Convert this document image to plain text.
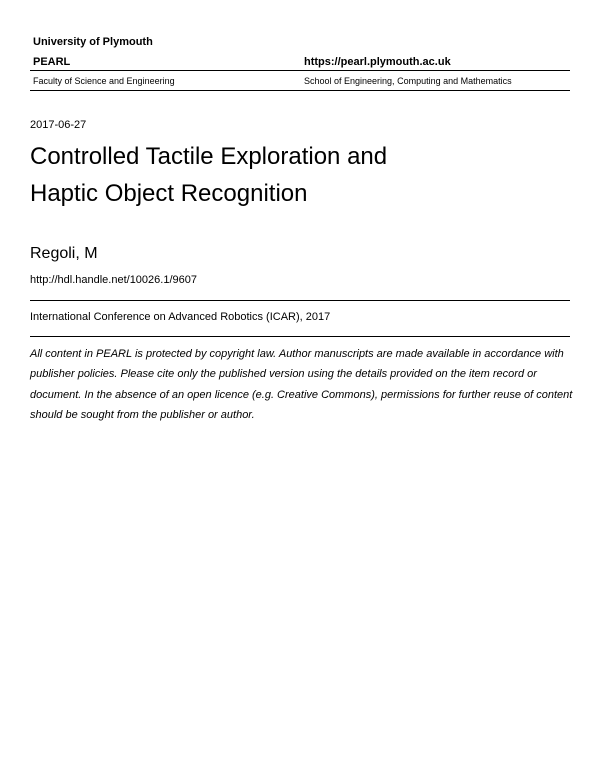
University of Plymouth
PEARL	https://pearl.plymouth.ac.uk
Faculty of Science and Engineering	School of Engineering, Computing and Mathematics
2017-06-27
Controlled Tactile Exploration and
Haptic Object Recognition
Regoli, M
http://hdl.handle.net/10026.1/9607
International Conference on Advanced Robotics (ICAR), 2017
All content in PEARL is protected by copyright law. Author manuscripts are made available in accordance with
publisher policies. Please cite only the published version using the details provided on the item record or
document. In the absence of an open licence (e.g. Creative Commons), permissions for further reuse of content
should be sought from the publisher or author.
